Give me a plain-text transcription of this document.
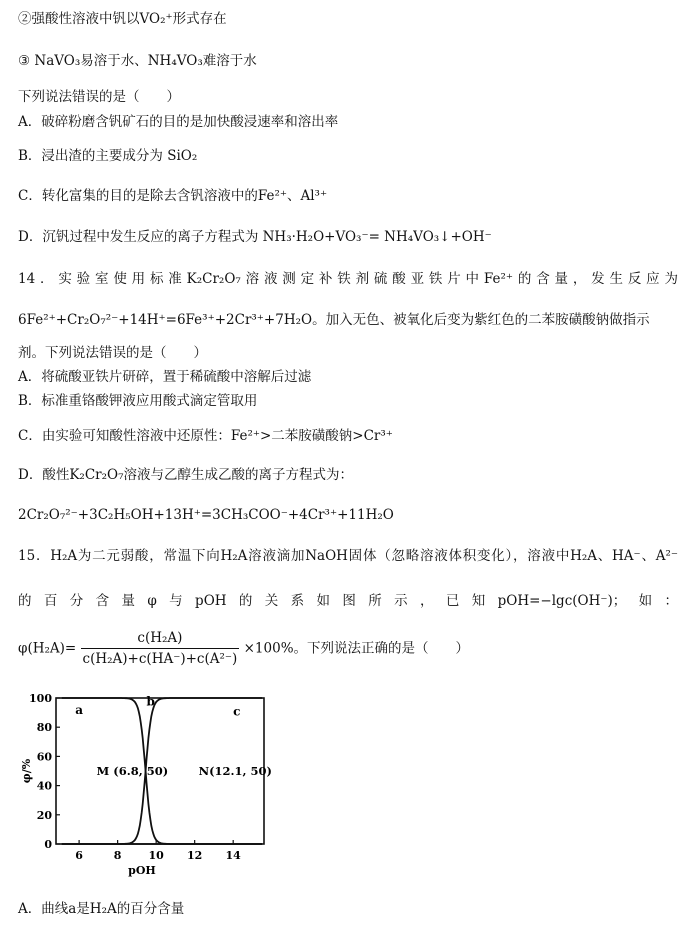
②强酸性溶液中钒以VO₂⁺形式存在
③ NaVO₃易溶于水、NH₄VO₃难溶于水
下列说法错误的是（　　）
A．破碎粉磨含钒矿石的目的是加快酸浸速率和溶出率
B．浸出渣的主要成分为 SiO₂
C．转化富集的目的是除去含钒溶液中的Fe²⁺、Al³⁺
D．沉钒过程中发生反应的离子方程式为 NH₃·H₂O+VO₃⁻= NH₄VO₃↓+OH⁻
14．实验室使用标准K₂Cr₂O₇溶液测定补铁剂硫酸亚铁片中Fe²⁺的含量，发生反应为
6Fe²⁺+Cr₂O₇²⁻+14H⁺=6Fe³⁺+2Cr³⁺+7H₂O。加入无色、被氧化后变为紫红色的二苯胺磺酸钠做指示
剂。下列说法错误的是（　　）
A．将硫酸亚铁片研碎，置于稀硫酸中溶解后过滤
B．标准重铬酸钾液应用酸式滴定管取用
C．由实验可知酸性溶液中还原性：Fe²⁺>二苯胺磺酸钠>Cr³⁺
D．酸性K₂Cr₂O₇溶液与乙醇生成乙酸的离子方程式为：
2Cr₂O₇²⁻+3C₂H₅OH+13H⁺=3CH₃COO⁻+4Cr³⁺+11H₂O
15．H₂A为二元弱酸，常温下向H₂A溶液滴加NaOH固体（忽略溶液体积变化），溶液中H₂A、HA⁻、A²⁻
的百分含量φ与pOH的关系如图所示，已知pOH=−lgc(OH⁻)；如：
$\varphi(H_2A)= \frac{\text{c(H₂A)}}{\text{c(H₂A)+c(HA⁻)+c(A²⁻)}} \times 100\%$。下列说法正确的是（　　）
6	8 10 12 14
0
20
40
60
80
100
pOH
φ/%
a
b
c
M (6.8, 50)	N(12.1, 50)
A．曲线a是H₂A的百分含量
